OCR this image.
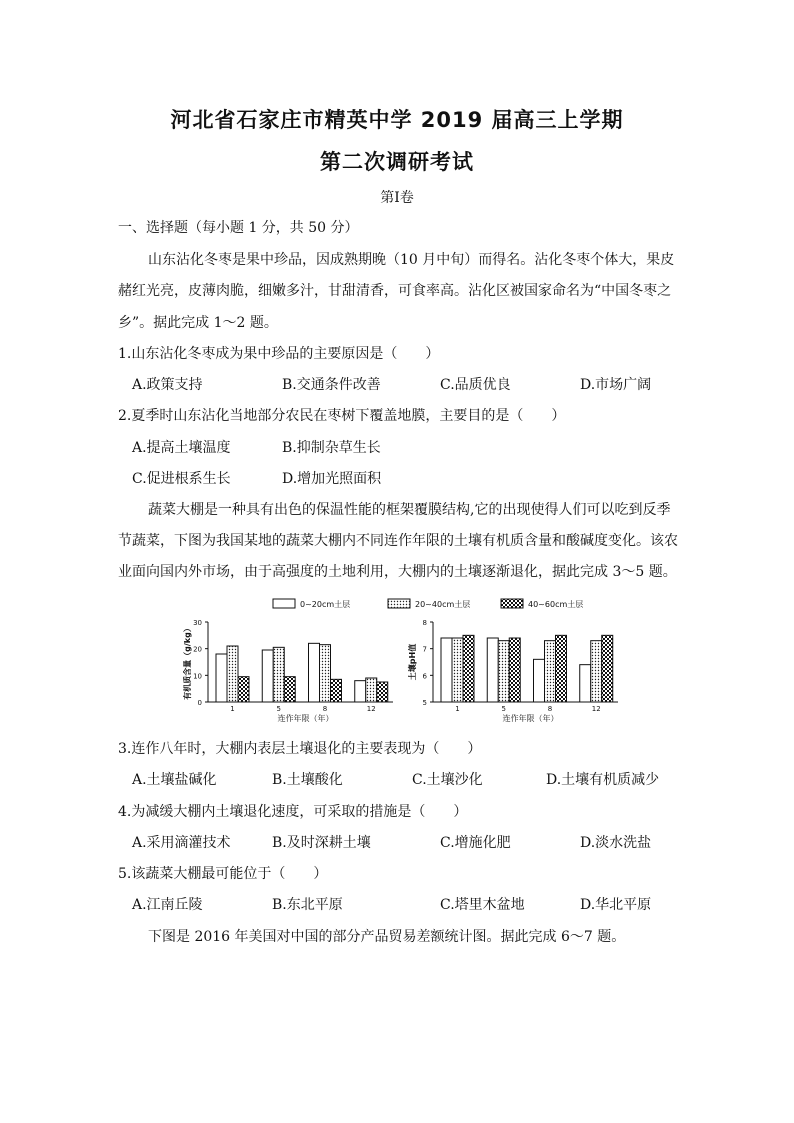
河北省石家庄市精英中学 2019 届高三上学期
第二次调研考试
第Ⅰ卷
一、选择题（每小题 1 分，共 50 分）
山东沾化冬枣是果中珍品，因成熟期晚（10 月中旬）而得名。沾化冬枣个体大，果皮
赭红光亮，皮薄肉脆，细嫩多汁，甘甜清香，可食率高。沾化区被国家命名为“中国冬枣之
乡”。据此完成 1～2 题。
1.山东沾化冬枣成为果中珍品的主要原因是（　　）
A.政策支持	B.交通条件改善	C.品质优良	D.市场广阔
2.夏季时山东沾化当地部分农民在枣树下覆盖地膜，主要目的是（　　）
A.提高土壤温度	B.抑制杂草生长
C.促进根系生长	D.增加光照面积
蔬菜大棚是一种具有出色的保温性能的框架覆膜结构,它的出现使得人们可以吃到反季
节蔬菜，下图为我国某地的蔬菜大棚内不同连作年限的土壤有机质含量和酸碱度变化。该农
业面向国内外市场，由于高强度的土地利用，大棚内的土壤逐渐退化，据此完成 3～5 题。
0~20cm土层	20~40cm土层	40~60cm土层
0
10
20
30
有机质含量（g/kg）
1	5	8	12
连作年限（年）
5
6
7
8
土壤pH值
1	5	8	12
连作年限（年）
3.连作八年时，大棚内表层土壤退化的主要表现为（　　）
A.土壤盐碱化	B.土壤酸化	C.土壤沙化	D.土壤有机质减少
4.为减缓大棚内土壤退化速度，可采取的措施是（　　）
A.采用滴灌技术	B.及时深耕土壤	C.增施化肥	D.淡水洗盐
5.该蔬菜大棚最可能位于（　　）
A.江南丘陵	B.东北平原	C.塔里木盆地	D.华北平原
下图是 2016 年美国对中国的部分产品贸易差额统计图。据此完成 6～7 题。
